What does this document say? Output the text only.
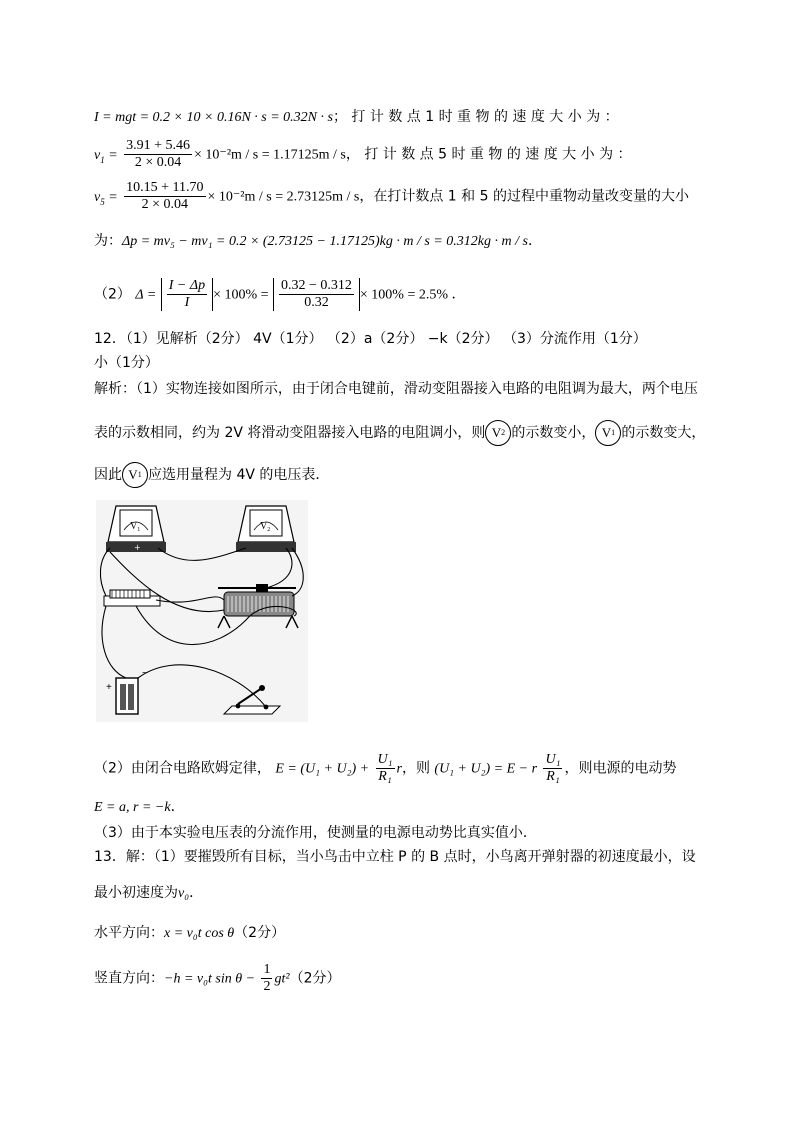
I = mgt = 0.2 × 10 × 0.16N · s = 0.32N · s； 打 计 数 点 1 时 重 物 的 速 度 大 小 为 ：
$v_1 = \frac{3.91 + 5.46}{2 \times 0.04} \times 10^{-2}m / s = 1.17125m / s$， 打 计 数 点 5 时 重 物 的 速 度 大 小 为 ：
$v_5 = \frac{10.15 + 11.70}{2 \times 0.04} \times 10^{-2}m / s = 2.73125m / s$，在打计数点 1 和 5 的过程中重物动量改变量的大小
为：Δp = mv₅ − mv₁ = 0.2 × (2.73125 − 1.17125)kg · m / s = 0.312kg · m / s．
（2） $\Delta = \frac{I - \Delta p}{I} \times 100\% = \frac{0.32 - 0.312}{0.32} \times 100\% = 2.5\%$ ．
12．（1）见解析（2分） 4V（1分） （2）a（2分） −k（2分） （3）分流作用（1分）
小（1分）
解析：（1）实物连接如图所示，由于闭合电键前，滑动变阻器接入电路的电阻调为最大，两个电压
表的示数相同，约为 2V 将滑动变阻器接入电路的电阻调小，则 V 2 的示数变小， V 1 的示数变大，
因此 V 1 应选用量程为 4V 的电压表．
$V_1$
+
$V_2$
+
−
（2）由闭合电路欧姆定律， $E = (U_1 + U_2) + \frac{\text{U₁}}{\text{R₁}}$ r，则 (U₁ + U₂) = E − r $\frac{\text{U₁}}{\text{R₁}}$ ，则电源的电动势
E = a, r = −k．
（3）由于本实验电压表的分流作用，使测量的电源电动势比真实值小．
13．解：（1）要摧毁所有目标，当小鸟击中立柱 P 的 B 点时，小鸟离开弹射器的初速度最小，设
最小初速度为v₀．
水平方向：x = v₀t cos θ（2分）
竖直方向：−h = v₀t $\sin \theta - \frac{1}{2} gt^2(2$分）
